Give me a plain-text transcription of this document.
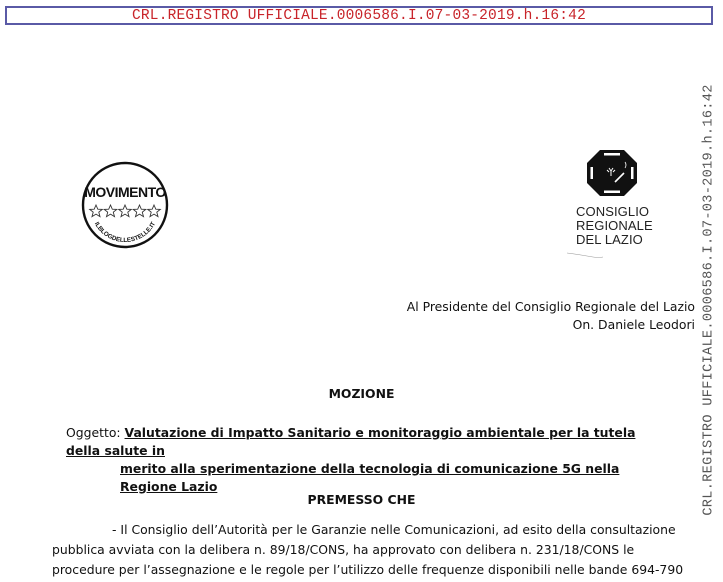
CRL.REGISTRO UFFICIALE.0006586.I.07-03-2019.h.16:42
CRL.REGISTRO UFFICIALE.0006586.I.07-03-2019.h.16:42
MOVIMENTO
ILBLOGDELLESTELLE.IT
CONSIGLIO
REGIONALE
DEL LAZIO
Al Presidente del Consiglio Regionale del Lazio
On. Daniele Leodori
MOZIONE
Oggetto: Valutazione di Impatto Sanitario e monitoraggio ambientale per la tutela della salute in
merito alla sperimentazione della tecnologia di comunicazione 5G nella Regione Lazio
PREMESSO CHE
- Il Consiglio dell’Autorità per le Garanzie nelle Comunicazioni, ad esito della consultazione
pubblica avviata con la delibera n. 89/18/CONS, ha approvato con delibera n. 231/18/CONS le
procedure per l’assegnazione e le regole per l’utilizzo delle frequenze disponibili nelle bande 694-790
